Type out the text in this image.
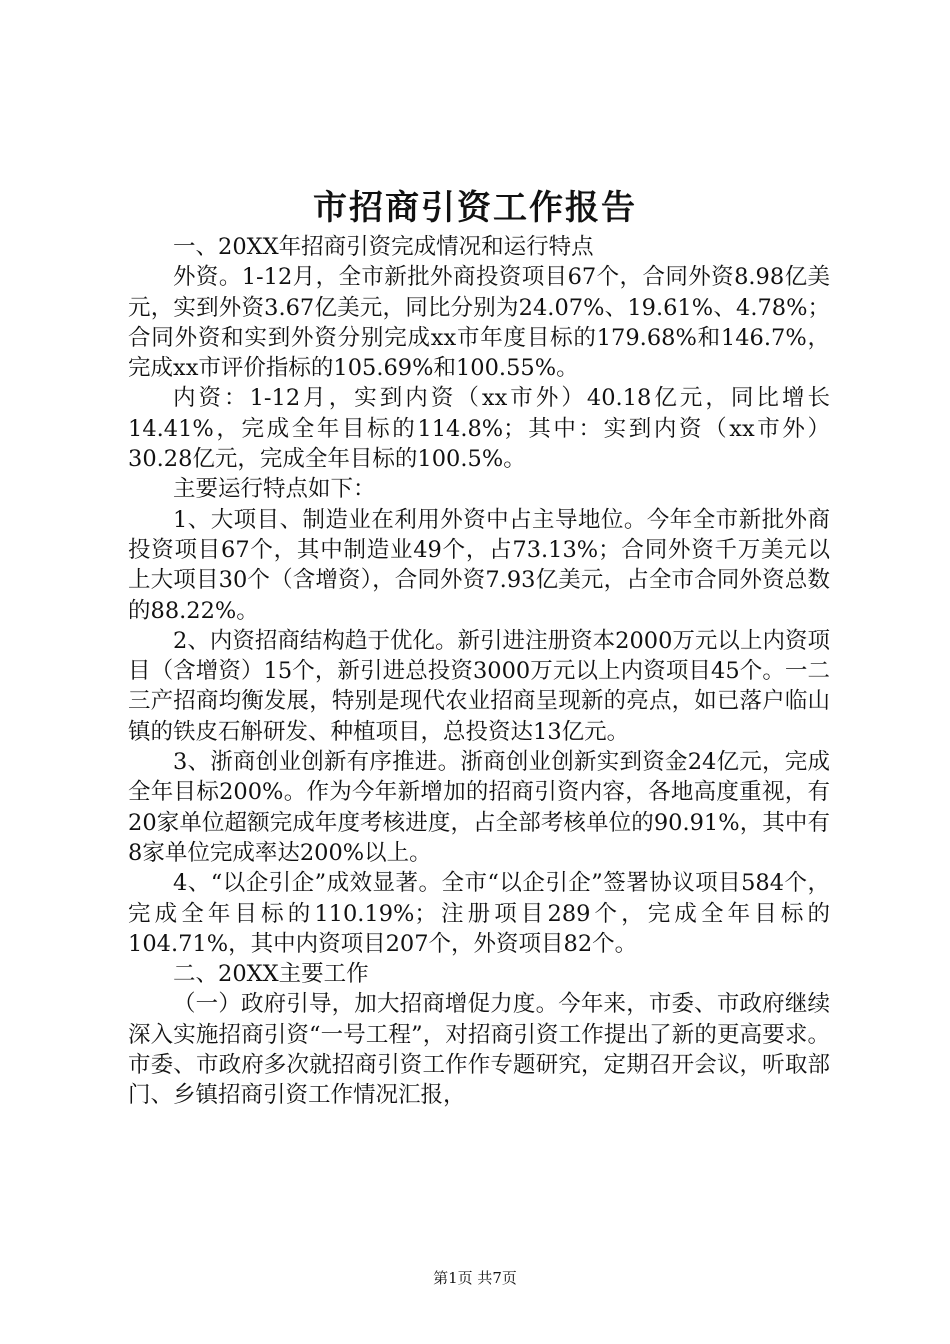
市招商引资工作报告

一、20XX年招商引资完成情况和运行特点

外资。1-12月，全市新批外商投资项目67个，合同外资8.98亿美元，实到外资3.67亿美元，同比分别为24.07%、19.61%、4.78%；合同外资和实到外资分别完成xx市年度目标的179.68%和146.7%，完成xx市评价指标的105.69%和100.55%。

内资：1-12月，实到内资（xx市外）40.18亿元，同比增长14.41%，完成全年目标的114.8%；其中：实到内资（xx市外）30.28亿元，完成全年目标的100.5%。

主要运行特点如下：

1、大项目、制造业在利用外资中占主导地位。今年全市新批外商投资项目67个，其中制造业49个，占73.13%；合同外资千万美元以上大项目30个（含增资），合同外资7.93亿美元，占全市合同外资总数的88.22%。

2、内资招商结构趋于优化。新引进注册资本2000万元以上内资项目（含增资）15个，新引进总投资3000万元以上内资项目45个。一二三产招商均衡发展，特别是现代农业招商呈现新的亮点，如已落户临山镇的铁皮石斛研发、种植项目，总投资达13亿元。

3、浙商创业创新有序推进。浙商创业创新实到资金24亿元，完成全年目标200%。作为今年新增加的招商引资内容，各地高度重视，有20家单位超额完成年度考核进度，占全部考核单位的90.91%，其中有8家单位完成率达200%以上。

4、“以企引企”成效显著。全市“以企引企”签署协议项目584个，完成全年目标的110.19%；注册项目289个，完成全年目标的104.71%，其中内资项目207个，外资项目82个。

二、20XX主要工作

（一）政府引导，加大招商增促力度。今年来，市委、市政府继续深入实施招商引资“一号工程”，对招商引资工作提出了新的更高要求。市委、市政府多次就招商引资工作作专题研究，定期召开会议，听取部门、乡镇招商引资工作情况汇报，

第1页 共7页
